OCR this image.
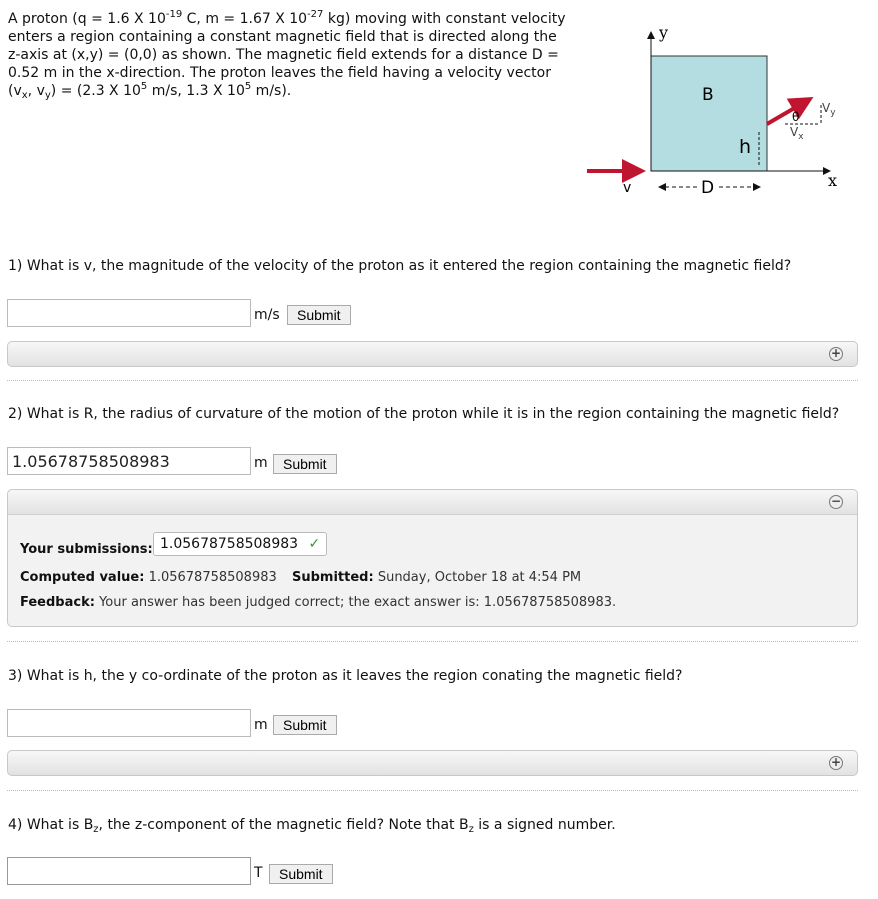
A proton (q = 1.6 X $10^{-19}$ C, m = 1.67 X $10^{-27}$ kg) moving with constant velocity
enters a region containing a constant magnetic field that is directed along the
z-axis at (x,y) = (0,0) as shown. The magnetic field extends for a distance D =
0.52 m in the x-direction. The proton leaves the field having a velocity vector
($v_x$, $v_y) = (2.3$ X $10^5$ m/s, 1.3 X $10^5$ m/s).
y
x
B
v	D
h
θ
$V_y$
$V_x$
1) What is v, the magnitude of the velocity of the proton as it entered the region containing the magnetic field?
m/s	Submit
+
2) What is R, the radius of curvature of the motion of the proton while it is in the region containing the magnetic field?
1.05678758508983
m	Submit
−
Your submissions: 1.05678758508983 ✓
Computed value: 1.05678758508983 Submitted: Sunday, October 18 at 4:54 PM
Feedback: Your answer has been judged correct; the exact answer is: 1.05678758508983.
3) What is h, the y co-ordinate of the proton as it leaves the region conating the magnetic field?
m	Submit
+
4) What is $B_z$, the z-component of the magnetic field? Note that $B_z$ is a signed number.
T	Submit
